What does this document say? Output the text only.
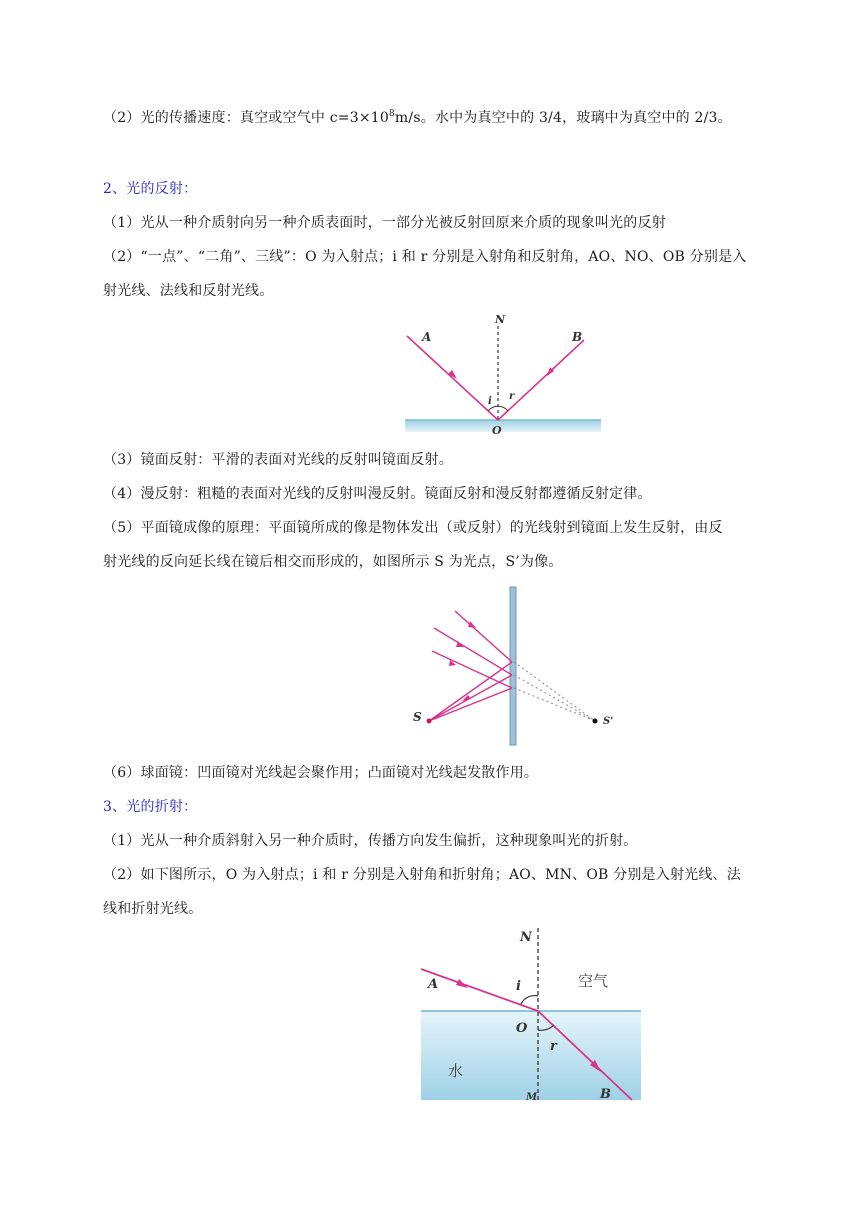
（2）光的传播速度：真空或空气中 $c=3\times 10^8m/s$。水中为真空中的 3/4，玻璃中为真空中的 2/3。
2、光的反射：
（1）光从一种介质射向另一种介质表面时，一部分光被反射回原来介质的现象叫光的反射
（2）“一点”、“二角”、三线”：O 为入射点；i 和 r 分别是入射角和反射角，AO、NO、OB 分别是入
射光线、法线和反射光线。
A	B
N
O
i r
（3）镜面反射：平滑的表面对光线的反射叫镜面反射。
（4）漫反射：粗糙的表面对光线的反射叫漫反射。镜面反射和漫反射都遵循反射定律。
（5）平面镜成像的原理：平面镜所成的像是物体发出（或反射）的光线射到镜面上发生反射，由反
射光线的反向延长线在镜后相交而形成的，如图所示 S 为光点，S’为像。
S	S'
（6）球面镜：凹面镜对光线起会聚作用；凸面镜对光线起发散作用。
3、光的折射：
（1）光从一种介质斜射入另一种介质时，传播方向发生偏折，这种现象叫光的折射。
（2）如下图所示，O 为入射点；i 和 r 分别是入射角和折射角；AO、MN、OB 分别是入射光线、法
线和折射光线。
N
A	i
O
r
M	B
空气
水
